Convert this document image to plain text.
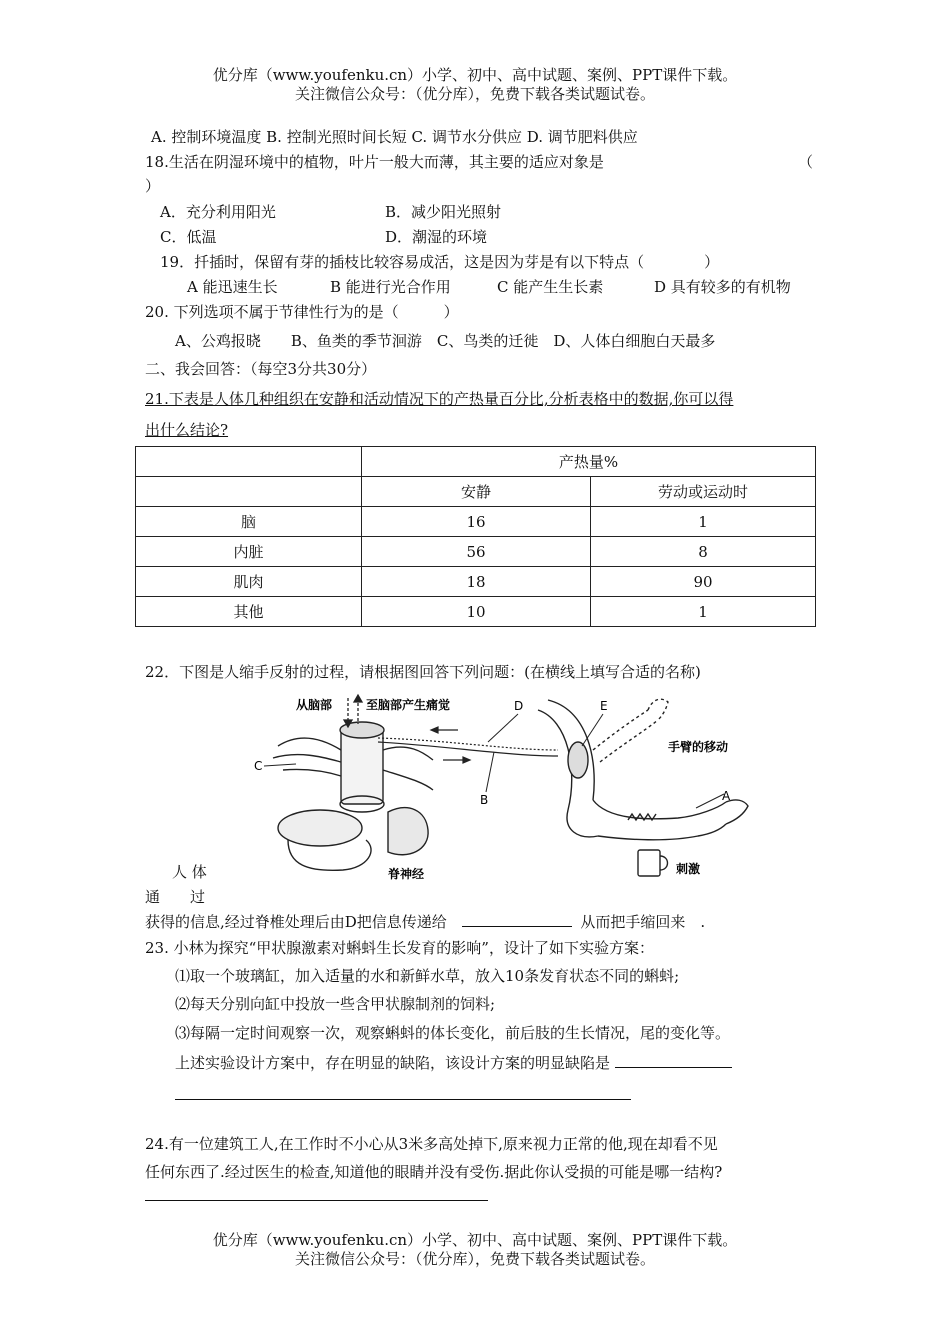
优分库（www.youfenku.cn）小学、初中、高中试题、案例、PPT课件下载。
关注微信公众号：（优分库），免费下载各类试题试卷。
A. 控制环境温度 B. 控制光照时间长短 C. 调节水分供应 D. 调节肥料供应
18.生活在阴湿环境中的植物，叶片一般大而薄，其主要的适应对象是	（
）
A．充分利用阳光	B．减少阳光照射
C．低温	D．潮湿的环境
19．扦插时，保留有芽的插枝比较容易成活，这是因为芽是有以下特点（　　　　）
A 能迅速生长	B 能进行光合作用	C 能产生生长素	D 具有较多的有机物
20. 下列选项不属于节律性行为的是（　　　）
A、公鸡报晓　　B、鱼类的季节洄游　C、鸟类的迁徙　D、人体白细胞白天最多
二、我会回答：（每空3分共30分）
21.下表是人体几种组织在安静和活动情况下的产热量百分比,分析表格中的数据,你可以得
出什么结论?
	产热量%	
	安静	劳动或运动时
脑	16	1
内脏	56	8
肌肉	18	90
其他	10	1
22．下图是人缩手反射的过程，请根据图回答下列问题：(在横线上填写合适的名称)
从脑部	至脑部产生痛觉
C
脊神经
D
B
E
手臂的移动
A
刺激
人 体
通　　过
获得的信息,经过脊椎处理后由D把信息传递给	从而把手缩回来　.
23. 小林为探究“甲状腺激素对蝌蚪生长发育的影响”，设计了如下实验方案：
⑴取一个玻璃缸，加入适量的水和新鲜水草，放入10条发育状态不同的蝌蚪;
⑵每天分别向缸中投放一些含甲状腺制剂的饲料;
⑶每隔一定时间观察一次，观察蝌蚪的体长变化，前后肢的生长情况，尾的变化等。
上述实验设计方案中，存在明显的缺陷，该设计方案的明显缺陷是
24.有一位建筑工人,在工作时不小心从3米多高处掉下,原来视力正常的他,现在却看不见
任何东西了.经过医生的检查,知道他的眼睛并没有受伤.据此你认受损的可能是哪一结构?
优分库（www.youfenku.cn）小学、初中、高中试题、案例、PPT课件下载。
关注微信公众号：（优分库），免费下载各类试题试卷。
